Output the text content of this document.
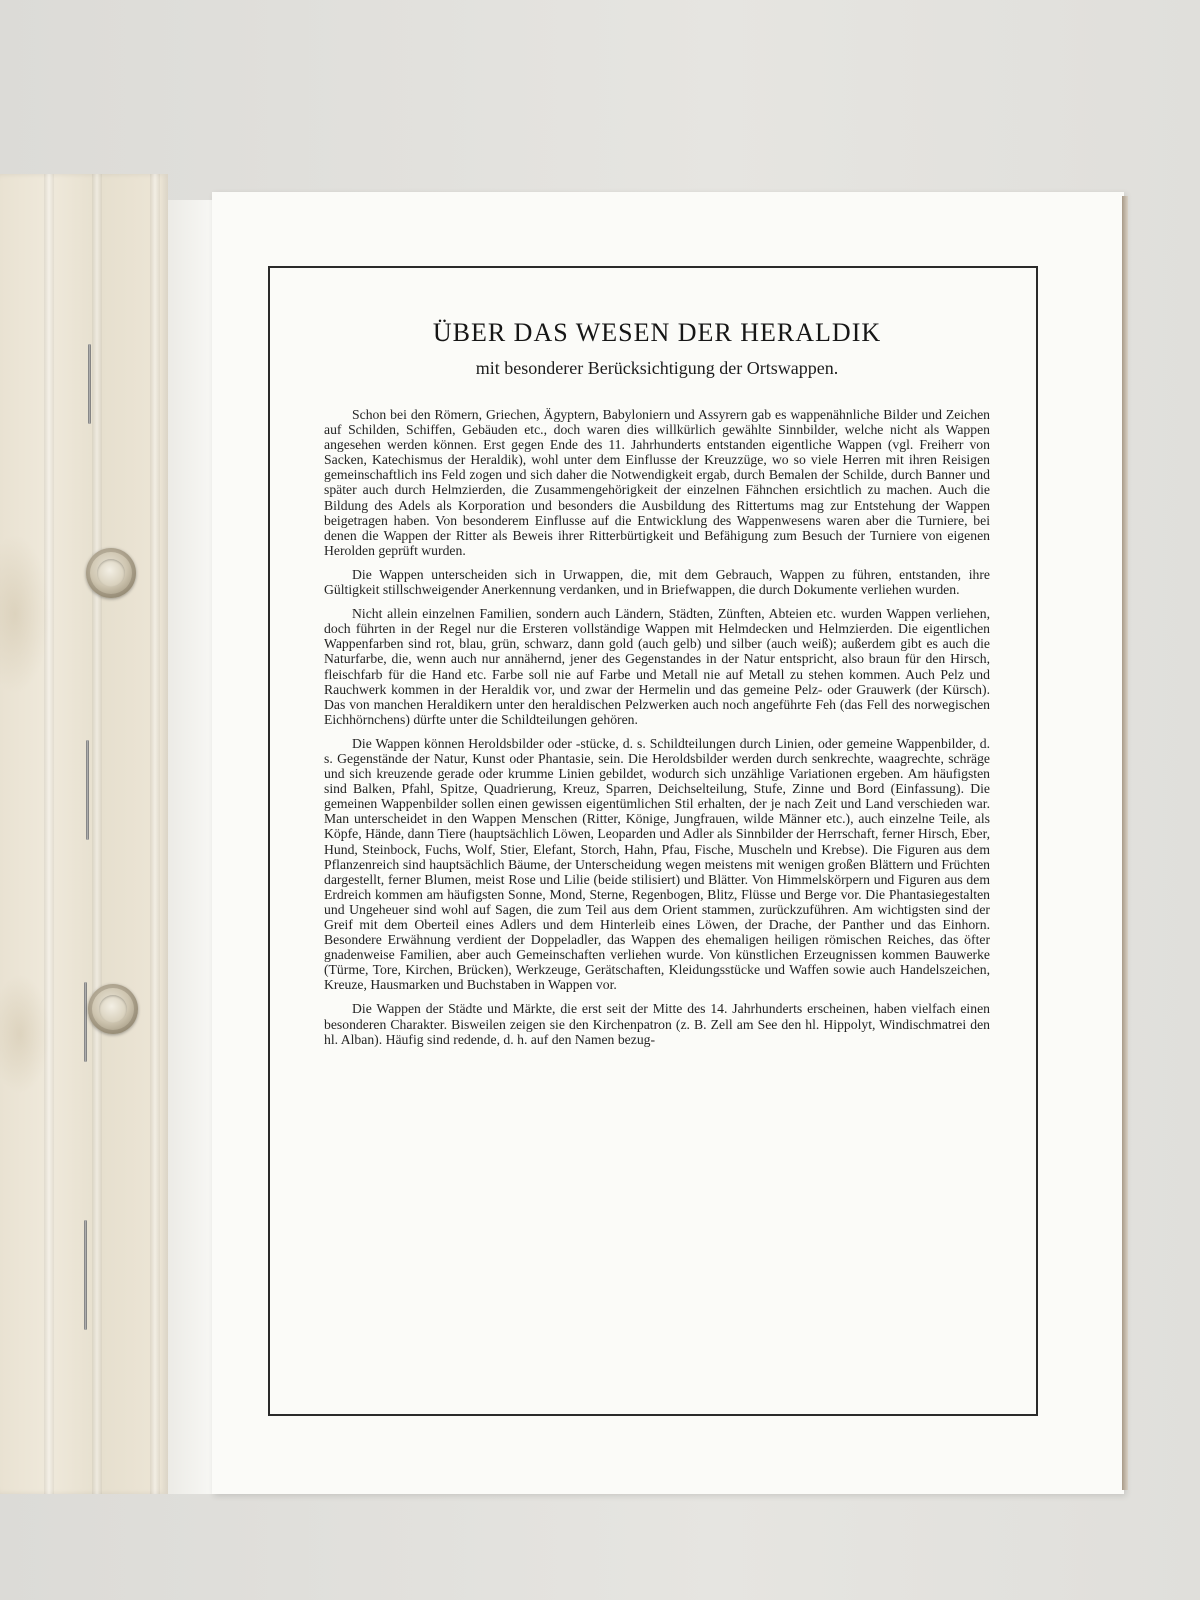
ÜBER DAS WESEN DER HERALDIK
mit besonderer Berücksichtigung der Ortswappen.

Schon bei den Römern, Griechen, Ägyptern, Babyloniern und Assyrern gab es wappenähnliche Bilder und Zeichen auf Schilden, Schiffen, Gebäuden etc., doch waren dies willkürlich gewählte Sinnbilder, welche nicht als Wappen angesehen werden können. Erst gegen Ende des 11. Jahrhunderts entstanden eigentliche Wappen (vgl. Freiherr von Sacken, Katechismus der Heraldik), wohl unter dem Einflusse der Kreuzzüge, wo so viele Herren mit ihren Reisigen gemeinschaftlich ins Feld zogen und sich daher die Notwendigkeit ergab, durch Bemalen der Schilde, durch Banner und später auch durch Helmzierden, die Zusammengehörigkeit der einzelnen Fähnchen ersichtlich zu machen. Auch die Bildung des Adels als Korporation und besonders die Ausbildung des Rittertums mag zur Entstehung der Wappen beigetragen haben. Von besonderem Einflusse auf die Entwicklung des Wappenwesens waren aber die Turniere, bei denen die Wappen der Ritter als Beweis ihrer Ritterbürtigkeit und Befähigung zum Besuch der Turniere von eigenen Herolden geprüft wurden.

Die Wappen unterscheiden sich in Urwappen, die, mit dem Gebrauch, Wappen zu führen, entstanden, ihre Gültigkeit stillschweigender Anerkennung verdanken, und in Briefwappen, die durch Dokumente verliehen wurden.

Nicht allein einzelnen Familien, sondern auch Ländern, Städten, Zünften, Abteien etc. wurden Wappen verliehen, doch führten in der Regel nur die Ersteren vollständige Wappen mit Helmdecken und Helmzierden. Die eigentlichen Wappenfarben sind rot, blau, grün, schwarz, dann gold (auch gelb) und silber (auch weiß); außerdem gibt es auch die Naturfarbe, die, wenn auch nur annähernd, jener des Gegenstandes in der Natur entspricht, also braun für den Hirsch, fleischfarb für die Hand etc. Farbe soll nie auf Farbe und Metall nie auf Metall zu stehen kommen. Auch Pelz und Rauchwerk kommen in der Heraldik vor, und zwar der Hermelin und das gemeine Pelz- oder Grauwerk (der Kürsch). Das von manchen Heraldikern unter den heraldischen Pelzwerken auch noch angeführte Feh (das Fell des norwegischen Eichhörnchens) dürfte unter die Schildteilungen gehören.

Die Wappen können Heroldsbilder oder -stücke, d. s. Schildteilungen durch Linien, oder gemeine Wappenbilder, d. s. Gegenstände der Natur, Kunst oder Phantasie, sein. Die Heroldsbilder werden durch senkrechte, waagrechte, schräge und sich kreuzende gerade oder krumme Linien gebildet, wodurch sich unzählige Variationen ergeben. Am häufigsten sind Balken, Pfahl, Spitze, Quadrierung, Kreuz, Sparren, Deichselteilung, Stufe, Zinne und Bord (Einfassung). Die gemeinen Wappenbilder sollen einen gewissen eigentümlichen Stil erhalten, der je nach Zeit und Land verschieden war. Man unterscheidet in den Wappen Menschen (Ritter, Könige, Jungfrauen, wilde Männer etc.), auch einzelne Teile, als Köpfe, Hände, dann Tiere (hauptsächlich Löwen, Leoparden und Adler als Sinnbilder der Herrschaft, ferner Hirsch, Eber, Hund, Steinbock, Fuchs, Wolf, Stier, Elefant, Storch, Hahn, Pfau, Fische, Muscheln und Krebse). Die Figuren aus dem Pflanzenreich sind hauptsächlich Bäume, der Unterscheidung wegen meistens mit wenigen großen Blättern und Früchten dargestellt, ferner Blumen, meist Rose und Lilie (beide stilisiert) und Blätter. Von Himmelskörpern und Figuren aus dem Erdreich kommen am häufigsten Sonne, Mond, Sterne, Regenbogen, Blitz, Flüsse und Berge vor. Die Phantasiegestalten und Ungeheuer sind wohl auf Sagen, die zum Teil aus dem Orient stammen, zurückzuführen. Am wichtigsten sind der Greif mit dem Oberteil eines Adlers und dem Hinterleib eines Löwen, der Drache, der Panther und das Einhorn. Besondere Erwähnung verdient der Doppeladler, das Wappen des ehemaligen heiligen römischen Reiches, das öfter gnadenweise Familien, aber auch Gemeinschaften verliehen wurde. Von künstlichen Erzeugnissen kommen Bauwerke (Türme, Tore, Kirchen, Brücken), Werkzeuge, Gerätschaften, Kleidungsstücke und Waffen sowie auch Handelszeichen, Kreuze, Hausmarken und Buchstaben in Wappen vor.

Die Wappen der Städte und Märkte, die erst seit der Mitte des 14. Jahrhunderts erscheinen, haben vielfach einen besonderen Charakter. Bisweilen zeigen sie den Kirchenpatron (z. B. Zell am See den hl. Hippolyt, Windischmatrei den hl. Alban). Häufig sind redende, d. h. auf den Namen bezug-
